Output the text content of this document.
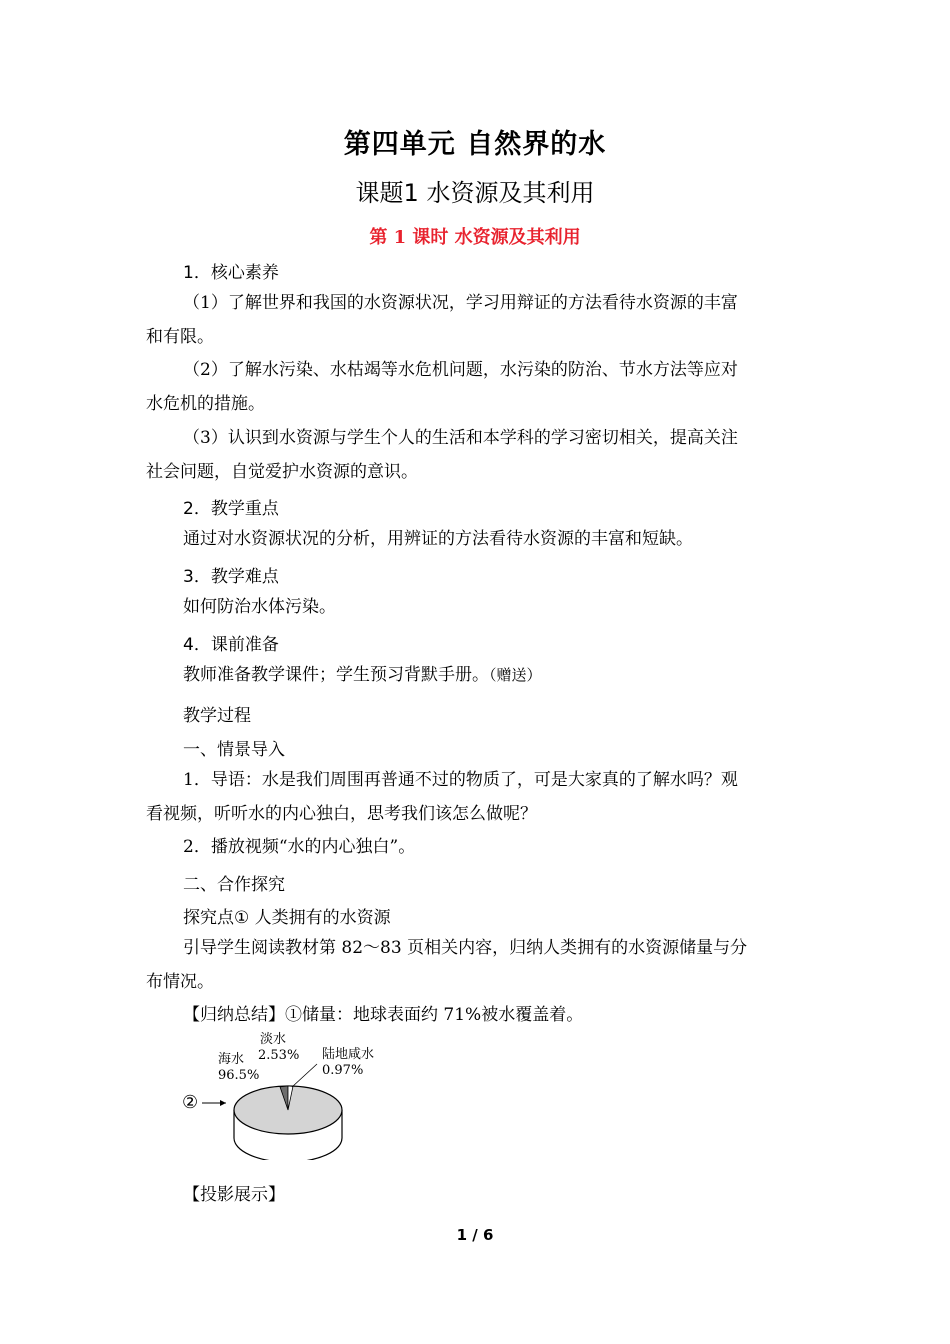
第四单元 自然界的水
课题1 水资源及其利用
第 1 课时 水资源及其利用
1．核心素养
（1）了解世界和我国的水资源状况，学习用辩证的方法看待水资源的丰富
和有限。
（2）了解水污染、水枯竭等水危机问题，水污染的防治、节水方法等应对
水危机的措施。
（3）认识到水资源与学生个人的生活和本学科的学习密切相关，提高关注
社会问题，自觉爱护水资源的意识。
2．教学重点
通过对水资源状况的分析，用辨证的方法看待水资源的丰富和短缺。
3．教学难点
如何防治水体污染。
4．课前准备
教师准备教学课件；学生预习背默手册。（赠送）
教学过程
一、情景导入
1．导语：水是我们周围再普通不过的物质了，可是大家真的了解水吗？观
看视频，听听水的内心独白，思考我们该怎么做呢？
2．播放视频“水的内心独白”。
二、合作探究
探究点① 人类拥有的水资源
引导学生阅读教材第 82～83 页相关内容，归纳人类拥有的水资源储量与分
布情况。
【归纳总结】①储量：地球表面约 71%被水覆盖着。
②
海水
96.5%
淡水
2.53% 陆地咸水
0.97%
【投影展示】
1 / 6
